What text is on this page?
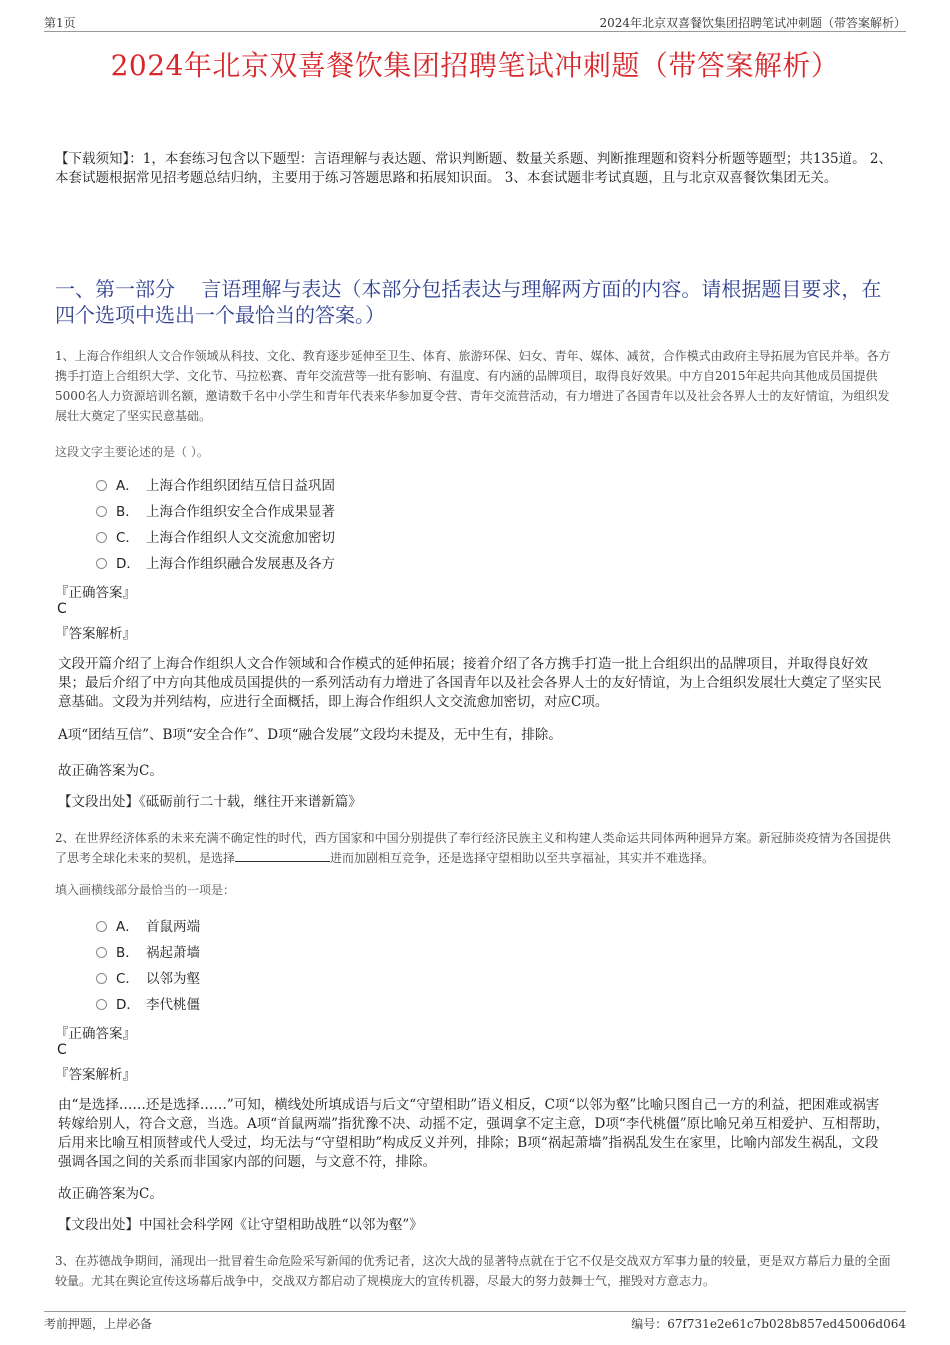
第1页	2024年北京双喜餐饮集团招聘笔试冲刺题（带答案解析）
2024年北京双喜餐饮集团招聘笔试冲刺题（带答案解析）
【下载须知】：1，本套练习包含以下题型：言语理解与表达题、常识判断题、数量关系题、判断推理题和资料分析题等题型；共135道。 2、本套试题根据常见招考题总结归纳，主要用于练习答题思路和拓展知识面。 3、本套试题非考试真题，且与北京双喜餐饮集团无关。
一、第一部分　 言语理解与表达（本部分包括表达与理解两方面的内容。请根据题目要求，在四个选项中选出一个最恰当的答案。）
1、上海合作组织人文合作领域从科技、文化、教育逐步延伸至卫生、体育、旅游环保、妇女、青年、媒体、减贫，合作模式由政府主导拓展为官民并举。各方携手打造上合组织大学、文化节、马拉松赛、青年交流营等一批有影响、有温度、有内涵的品牌项目，取得良好效果。中方自2015年起共向其他成员国提供5000名人力资源培训名额，邀请数千名中小学生和青年代表来华参加夏令营、青年交流营活动，有力增进了各国青年以及社会各界人士的友好情谊，为组织发展壮大奠定了坚实民意基础。
这段文字主要论述的是（ ）。
A． 上海合作组织团结互信日益巩固
B． 上海合作组织安全合作成果显著
C． 上海合作组织人文交流愈加密切
D． 上海合作组织融合发展惠及各方
『正确答案』
C
『答案解析』
文段开篇介绍了上海合作组织人文合作领域和合作模式的延伸拓展；接着介绍了各方携手打造一批上合组织出的品牌项目，并取得良好效果；最后介绍了中方向其他成员国提供的一系列活动有力增进了各国青年以及社会各界人士的友好情谊，为上合组织发展壮大奠定了坚实民意基础。文段为并列结构，应进行全面概括，即上海合作组织人文交流愈加密切，对应C项。
A项“团结互信”、B项“安全合作”、D项“融合发展”文段均未提及，无中生有，排除。
故正确答案为C。
【文段出处】《砥砺前行二十载，继往开来谱新篇》
2、在世界经济体系的未来充满不确定性的时代，西方国家和中国分别提供了奉行经济民族主义和构建人类命运共同体两种迥异方案。新冠肺炎疫情为各国提供了思考全球化未来的契机，是选择	进而加剧相互竞争，还是选择守望相助以至共享福祉，其实并不难选择。
填入画横线部分最恰当的一项是：
A． 首鼠两端
B． 祸起萧墙
C． 以邻为壑
D． 李代桃僵
『正确答案』
C
『答案解析』
由“是选择……还是选择……”可知，横线处所填成语与后文“守望相助”语义相反，C项“以邻为壑”比喻只图自己一方的利益，把困难或祸害转嫁给别人，符合文意，当选。A项“首鼠两端”指犹豫不决、动摇不定，强调拿不定主意，D项“李代桃僵”原比喻兄弟互相爱护、互相帮助，后用来比喻互相顶替或代人受过，均无法与“守望相助”构成反义并列，排除；B项“祸起萧墙”指祸乱发生在家里，比喻内部发生祸乱，文段强调各国之间的关系而非国家内部的问题，与文意不符，排除。
故正确答案为C。
【文段出处】中国社会科学网《让守望相助战胜“以邻为壑”》
3、在苏德战争期间，涌现出一批冒着生命危险采写新闻的优秀记者，这次大战的显著特点就在于它不仅是交战双方军事力量的较量，更是双方幕后力量的全面较量。尤其在舆论宣传这场幕后战争中，交战双方都启动了规模庞大的宣传机器，尽最大的努力鼓舞士气，摧毁对方意志力。
考前押题，上岸必备	编号：67f731e2e61c7b028b857ed45006d064
